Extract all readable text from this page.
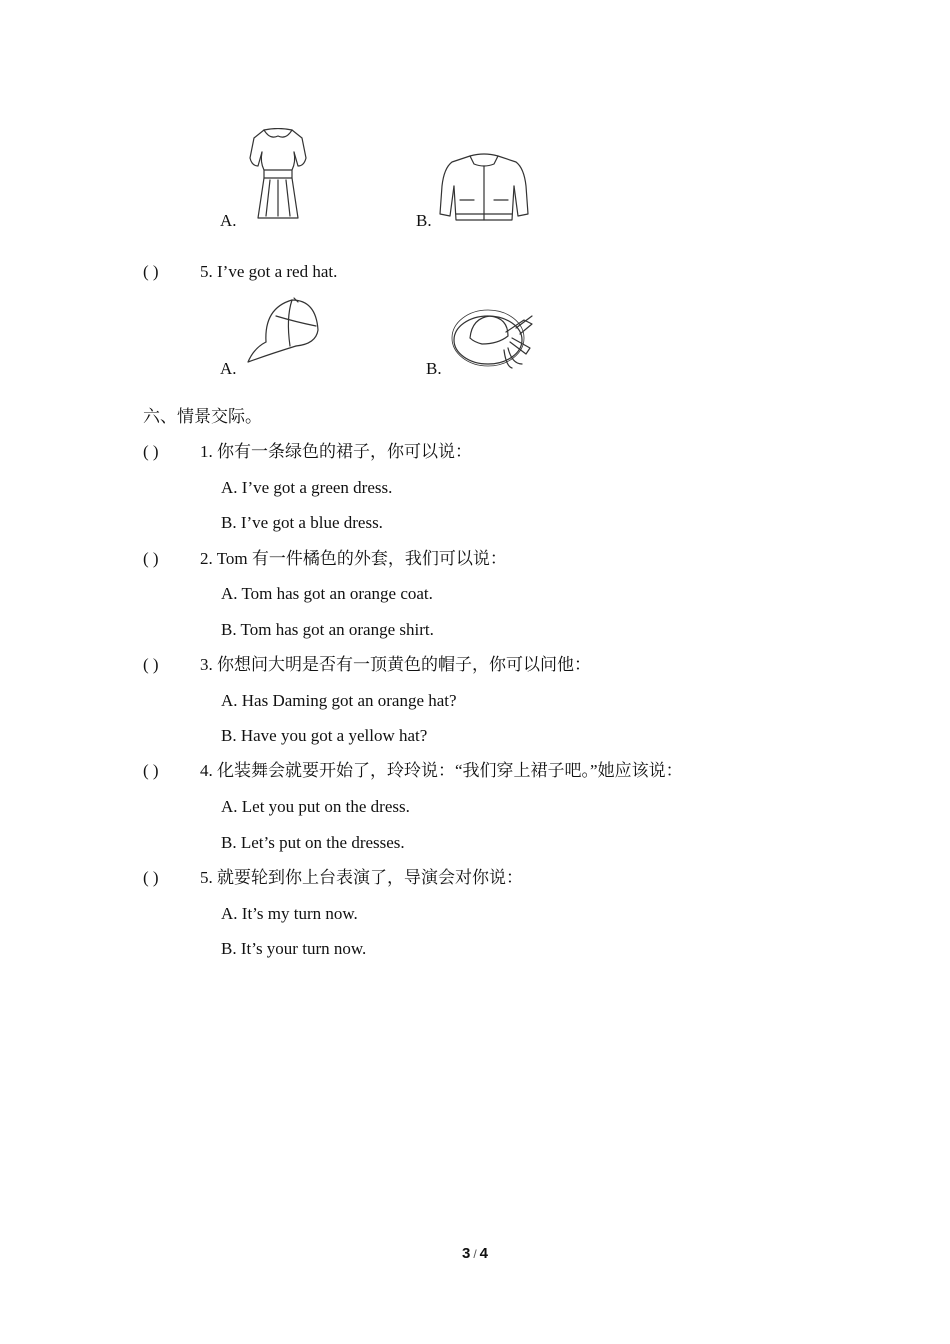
A.	B.
( ) 5. I’ve got a red hat.
A.	B.
六、情景交际。
( ) 1. 你有一条绿色的裙子，你可以说：
A. I’ve got a green dress.
B. I’ve got a blue dress.
( ) 2. Tom 有一件橘色的外套，我们可以说：
A. Tom has got an orange coat.
B. Tom has got an orange shirt.
( ) 3. 你想问大明是否有一顶黄色的帽子，你可以问他：
A. Has Daming got an orange hat?
B. Have you got a yellow hat?
( ) 4. 化装舞会就要开始了，玲玲说：“我们穿上裙子吧。”她应该说：
A. Let you put on the dress.
B. Let’s put on the dresses.
( ) 5. 就要轮到你上台表演了，导演会对你说：
A. It’s my turn now.
B. It’s your turn now.
3 / 4
